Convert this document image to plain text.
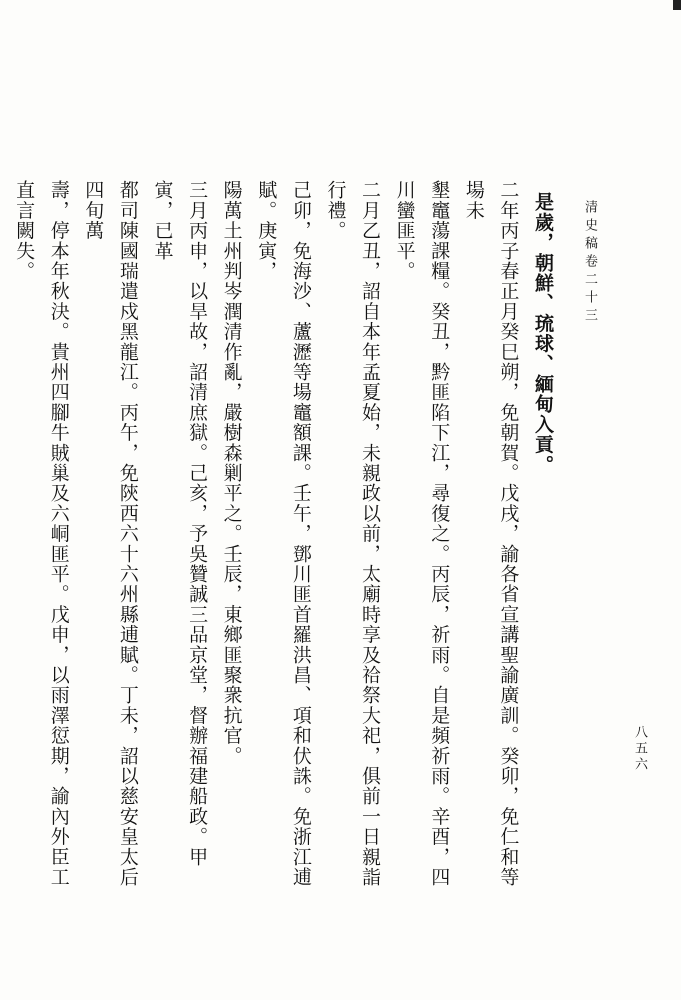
清史稿卷二十三
是歲，朝鮮、琉球、緬甸入貢。
二年丙子春正月癸巳朔，免朝賀。戊戌，諭各省宣講聖諭廣訓。癸卯，免仁和等場未
墾竈蕩課糧。癸丑，黔匪陷下江，尋復之。丙辰，祈雨。自是頻祈雨。辛酉，四川蠻匪平。
二月乙丑，詔自本年孟夏始，未親政以前，太廟時享及祫祭大祀，俱前一日親詣行禮。
己卯，免海沙、蘆瀝等場竈額課。壬午，鄧川匪首羅洪昌、項和伏誅。免浙江逋賦。庚寅，
陽萬土州判岑潤清作亂，嚴樹森剿平之。壬辰，東鄉匪聚衆抗官。
三月丙申，以旱故，詔清庶獄。己亥，予吳贊誠三品京堂，督辦福建船政。甲寅，已革
都司陳國瑞遣戍黑龍江。丙午，免陝西六十六州縣逋賦。丁未，詔以慈安皇太后四旬萬
壽，停本年秋決。貴州四腳牛賊巢及六峒匪平。戊申，以雨澤愆期，諭內外臣工直言闕失。
八五六
